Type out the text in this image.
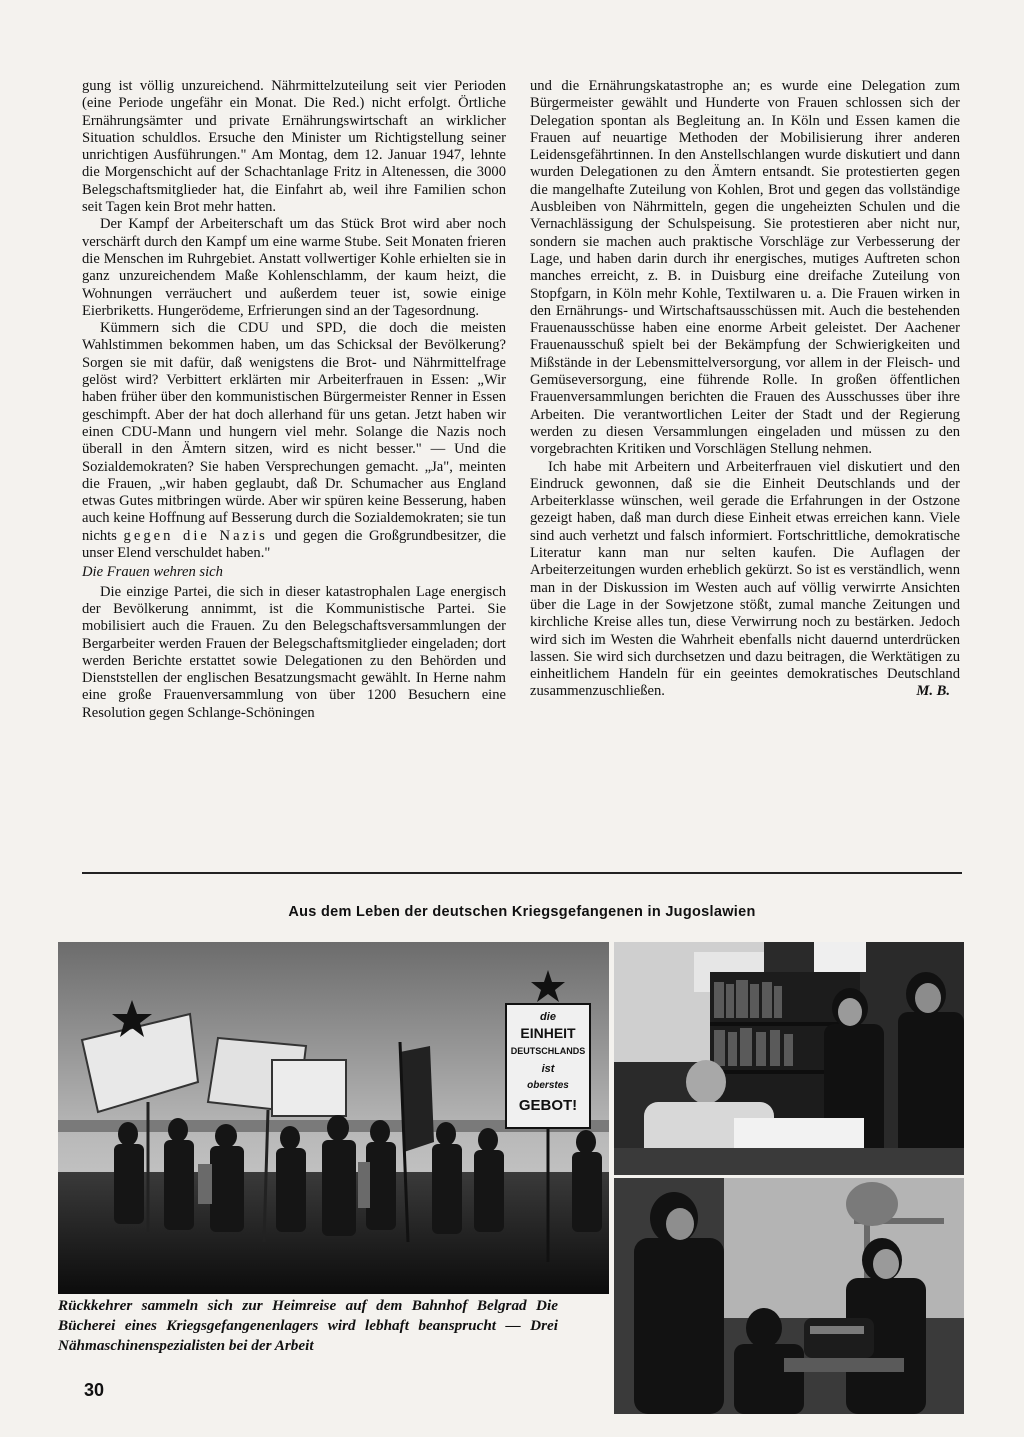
gung ist völlig unzureichend. Nährmittelzuteilung seit vier Perioden (eine Periode ungefähr ein Monat. Die Red.) nicht erfolgt. Örtliche Ernährungsämter und private Ernährungswirtschaft an wirklicher Situation schuldlos. Ersuche den Minister um Richtigstellung seiner unrichtigen Ausführungen." Am Montag, dem 12. Januar 1947, lehnte die Morgenschicht auf der Schachtanlage Fritz in Altenessen, die 3000 Belegschaftsmitglieder hat, die Einfahrt ab, weil ihre Familien schon seit Tagen kein Brot mehr hatten.

Der Kampf der Arbeiterschaft um das Stück Brot wird aber noch verschärft durch den Kampf um eine warme Stube. Seit Monaten frieren die Menschen im Ruhrgebiet. Anstatt vollwertiger Kohle erhielten sie in ganz unzureichendem Maße Kohlenschlamm, der kaum heizt, die Wohnungen verräuchert und außerdem teuer ist, sowie einige Eierbriketts. Hungerödeme, Erfrierungen sind an der Tagesordnung.

Kümmern sich die CDU und SPD, die doch die meisten Wahlstimmen bekommen haben, um das Schicksal der Bevölkerung? Sorgen sie mit dafür, daß wenigstens die Brot- und Nährmittelfrage gelöst wird? Verbittert erklärten mir Arbeiterfrauen in Essen: „Wir haben früher über den kommunistischen Bürgermeister Renner in Essen geschimpft. Aber der hat doch allerhand für uns getan. Jetzt haben wir einen CDU-Mann und hungern viel mehr. Solange die Nazis noch überall in den Ämtern sitzen, wird es nicht besser." — Und die Sozialdemokraten? Sie haben Versprechungen gemacht. „Ja", meinten die Frauen, „wir haben geglaubt, daß Dr. Schumacher aus England etwas Gutes mitbringen würde. Aber wir spüren keine Besserung, haben auch keine Hoffnung auf Besserung durch die Sozialdemokraten; sie tun nichts gegen die Nazis und gegen die Großgrundbesitzer, die unser Elend verschuldet haben."

Die Frauen wehren sich

Die einzige Partei, die sich in dieser katastrophalen Lage energisch der Bevölkerung annimmt, ist die Kommunistische Partei. Sie mobilisiert auch die Frauen. Zu den Belegschaftsversammlungen der Bergarbeiter werden Frauen der Belegschaftsmitglieder eingeladen; dort werden Berichte erstattet sowie Delegationen zu den Behörden und Dienststellen der englischen Besatzungsmacht gewählt. In Herne nahm eine große Frauenversammlung von über 1200 Besuchern eine Resolution gegen Schlange-Schöningen

und die Ernährungskatastrophe an; es wurde eine Delegation zum Bürgermeister gewählt und Hunderte von Frauen schlossen sich der Delegation spontan als Begleitung an. In Köln und Essen kamen die Frauen auf neuartige Methoden der Mobilisierung ihrer anderen Leidensgefährtinnen. In den Anstellschlangen wurde diskutiert und dann wurden Delegationen zu den Ämtern entsandt. Sie protestierten gegen die mangelhafte Zuteilung von Kohlen, Brot und gegen das vollständige Ausbleiben von Nährmitteln, gegen die ungeheizten Schulen und die Vernachlässigung der Schulspeisung. Sie protestieren aber nicht nur, sondern sie machen auch praktische Vorschläge zur Verbesserung der Lage, und haben darin durch ihr energisches, mutiges Auftreten schon manches erreicht, z. B. in Duisburg eine dreifache Zuteilung von Stopfgarn, in Köln mehr Kohle, Textilwaren u. a. Die Frauen wirken in den Ernährungs- und Wirtschaftsausschüssen mit. Auch die bestehenden Frauenausschüsse haben eine enorme Arbeit geleistet. Der Aachener Frauenausschuß spielt bei der Bekämpfung der Schwierigkeiten und Mißstände in der Lebensmittelversorgung, vor allem in der Fleisch- und Gemüseversorgung, eine führende Rolle. In großen öffentlichen Frauenversammlungen berichten die Frauen des Ausschusses über ihre Arbeiten. Die verantwortlichen Leiter der Stadt und der Regierung werden zu diesen Versammlungen eingeladen und müssen zu den vorgebrachten Kritiken und Vorschlägen Stellung nehmen.

Ich habe mit Arbeitern und Arbeiterfrauen viel diskutiert und den Eindruck gewonnen, daß sie die Einheit Deutschlands und der Arbeiterklasse wünschen, weil gerade die Erfahrungen in der Ostzone gezeigt haben, daß man durch diese Einheit etwas erreichen kann. Viele sind auch verhetzt und falsch informiert. Fortschrittliche, demokratische Literatur kann man nur selten kaufen. Die Auflagen der Arbeiterzeitungen wurden erheblich gekürzt. So ist es verständlich, wenn man in der Diskussion im Westen auch auf völlig verwirrte Ansichten über die Lage in der Sowjetzone stößt, zumal manche Zeitungen und kirchliche Kreise alles tun, diese Verwirrung noch zu bestärken. Jedoch wird sich im Westen die Wahrheit ebenfalls nicht dauernd unterdrücken lassen. Sie wird sich durchsetzen und dazu beitragen, die Werktätigen zu einheitlichem Handeln für ein geeintes demokratisches Deutschland zusammenzuschließen.	M. B.

Aus dem Leben der deutschen Kriegsgefangenen in Jugoslawien
die
EINHEIT
DEUTSCHLANDS
ist
oberstes
GEBOT!
Rückkehrer sammeln sich zur Heimreise auf dem Bahnhof Belgrad Die Bücherei eines Kriegsgefangenenlagers wird lebhaft beansprucht — Drei Nähmaschinenspezialisten bei der Arbeit
30
